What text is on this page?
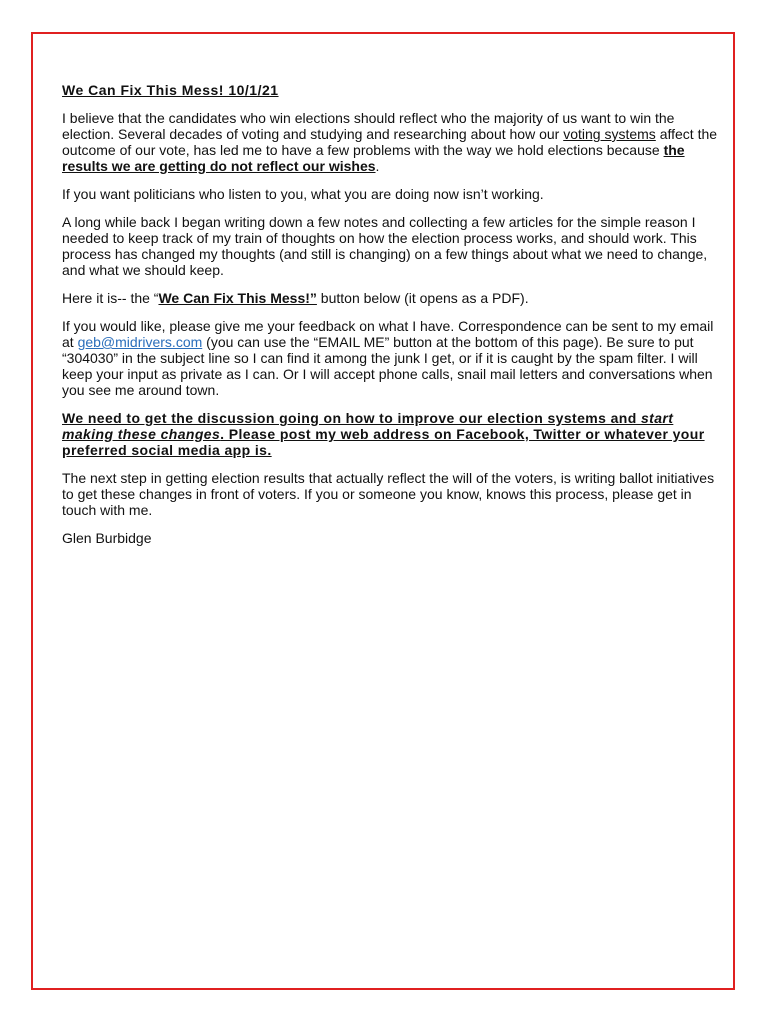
We Can Fix This Mess! 10/1/21

I believe that the candidates who win elections should reflect who the majority of us want to win the election. Several decades of voting and studying and researching about how our voting systems affect the outcome of our vote, has led me to have a few problems with the way we hold elections because the results we are getting do not reflect our wishes.

If you want politicians who listen to you, what you are doing now isn’t working.

A long while back I began writing down a few notes and collecting a few articles for the simple reason I needed to keep track of my train of thoughts on how the election process works, and should work. This process has changed my thoughts (and still is changing) on a few things about what we need to change, and what we should keep.

Here it is-- the “We Can Fix This Mess!” button below (it opens as a PDF).

If you would like, please give me your feedback on what I have. Correspondence can be sent to my email at geb@midrivers.com (you can use the “EMAIL ME” button at the bottom of this page). Be sure to put “304030” in the subject line so I can find it among the junk I get, or if it is caught by the spam filter. I will keep your input as private as I can. Or I will accept phone calls, snail mail letters and conversations when you see me around town.

We need to get the discussion going on how to improve our election systems and start making these changes. Please post my web address on Facebook, Twitter or whatever your preferred social media app is.

The next step in getting election results that actually reflect the will of the voters, is writing ballot initiatives to get these changes in front of voters. If you or someone you know, knows this process, please get in touch with me.

Glen Burbidge
